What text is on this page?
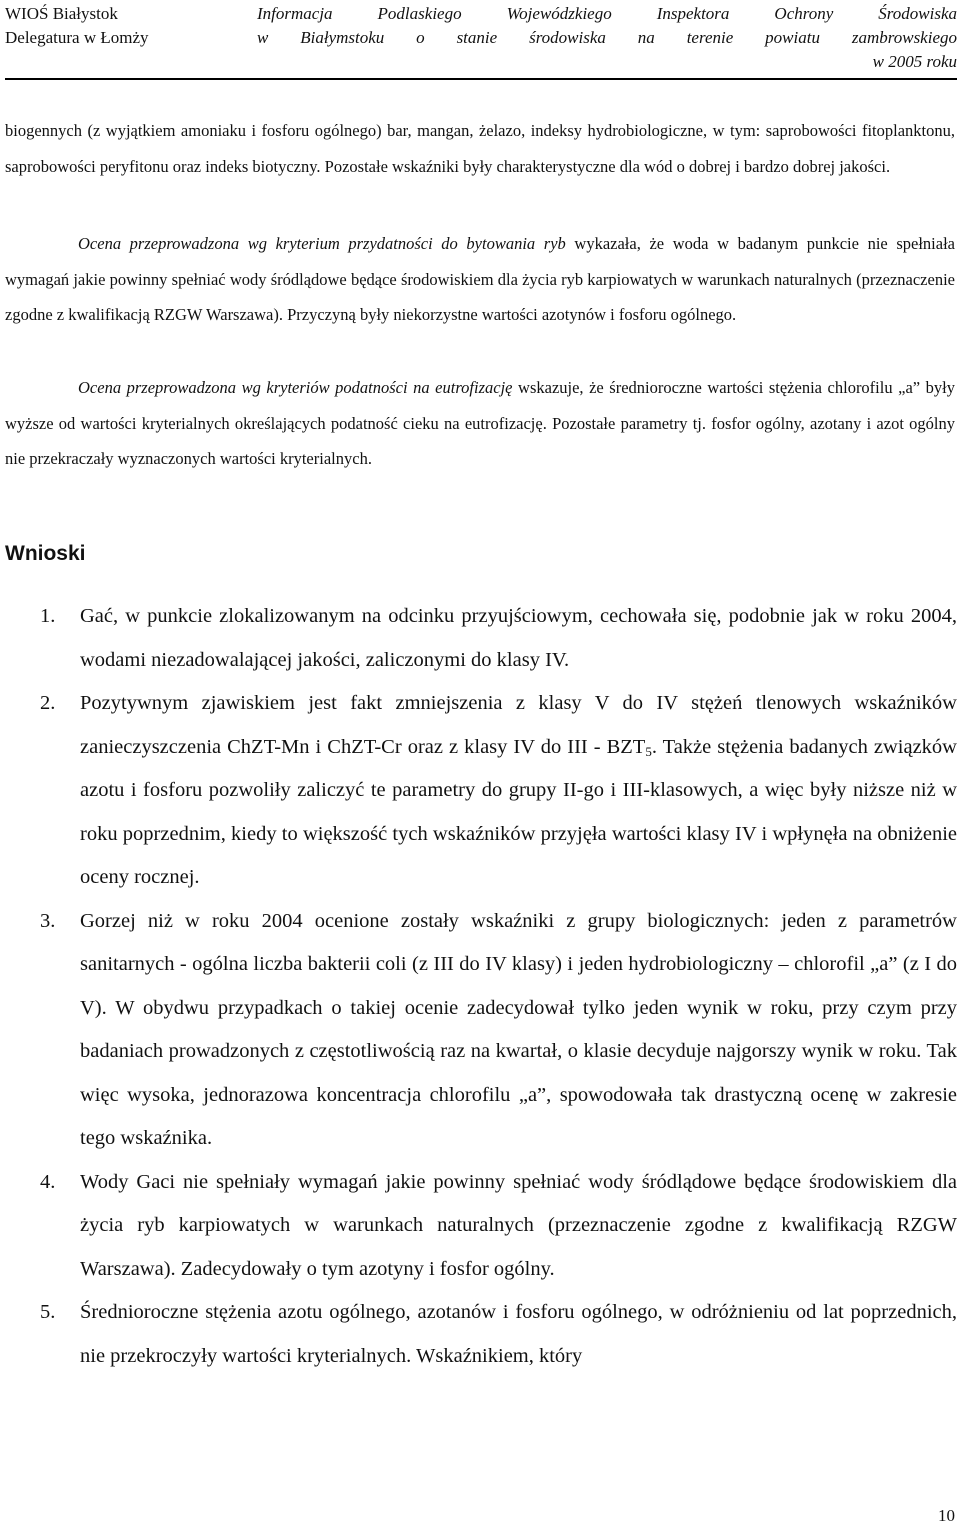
WIOŚ Białystok
Delegatura w Łomży
Informacja Podlaskiego Wojewódzkiego Inspektora Ochrony Środowiska
w Białymstoku o stanie środowiska na terenie powiatu zambrowskiego
w 2005 roku

biogennych (z wyjątkiem amoniaku i fosforu ogólnego) bar, mangan, żelazo, indeksy hydrobiologiczne, w tym: saprobowości fitoplanktonu, saprobowości peryfitonu oraz indeks biotyczny. Pozostałe wskaźniki były charakterystyczne dla wód o dobrej i bardzo dobrej jakości.

Ocena przeprowadzona wg kryterium przydatności do bytowania ryb wykazała, że woda w badanym punkcie nie spełniała wymagań jakie powinny spełniać wody śródlądowe będące środowiskiem dla życia ryb karpiowatych w warunkach naturalnych (przeznaczenie zgodne z kwalifikacją RZGW Warszawa). Przyczyną były niekorzystne wartości azotynów i fosforu ogólnego.

Ocena przeprowadzona wg kryteriów podatności na eutrofizację wskazuje, że średnioroczne wartości stężenia chlorofilu „a” były wyższe od wartości kryterialnych określających podatność cieku na eutrofizację. Pozostałe parametry tj. fosfor ogólny, azotany i azot ogólny nie przekraczały wyznaczonych wartości kryterialnych.

Wnioski
1. Gać, w punkcie zlokalizowanym na odcinku przyujściowym, cechowała się, podobnie jak w roku 2004, wodami niezadowalającej jakości, zaliczonymi do klasy IV.
2. Pozytywnym zjawiskiem jest fakt zmniejszenia z klasy V do IV stężeń tlenowych wskaźników zanieczyszczenia ChZT-Mn i ChZT-Cr oraz z klasy IV do III - $BZT_5$. Także stężenia badanych związków azotu i fosforu pozwoliły zaliczyć te parametry do grupy II-go i III-klasowych, a więc były niższe niż w roku poprzednim, kiedy to większość tych wskaźników przyjęła wartości klasy IV i wpłynęła na obniżenie oceny rocznej.
3. Gorzej niż w roku 2004 ocenione zostały wskaźniki z grupy biologicznych: jeden z parametrów sanitarnych - ogólna liczba bakterii coli (z III do IV klasy) i jeden hydrobiologiczny – chlorofil „a” (z I do V). W obydwu przypadkach o takiej ocenie zadecydował tylko jeden wynik w roku, przy czym przy badaniach prowadzonych z częstotliwością raz na kwartał, o klasie decyduje najgorszy wynik w roku. Tak więc wysoka, jednorazowa koncentracja chlorofilu „a”, spowodowała tak drastyczną ocenę w zakresie tego wskaźnika.
4. Wody Gaci nie spełniały wymagań jakie powinny spełniać wody śródlądowe będące środowiskiem dla życia ryb karpiowatych w warunkach naturalnych (przeznaczenie zgodne z kwalifikacją RZGW Warszawa). Zadecydowały o tym azotyny i fosfor ogólny.
5. Średnioroczne stężenia azotu ogólnego, azotanów i fosforu ogólnego, w odróżnieniu od lat poprzednich, nie przekroczyły wartości kryterialnych. Wskaźnikiem, który
10
